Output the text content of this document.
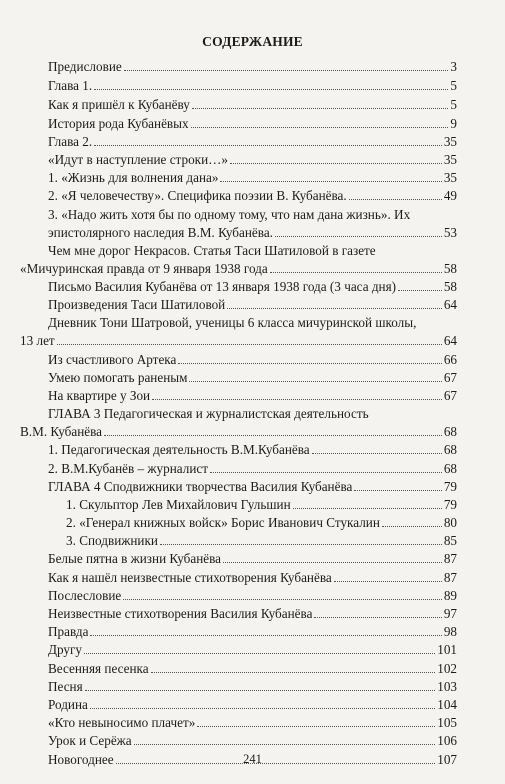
СОДЕРЖАНИЕ
Предисловие	3
Глава 1.	5
Как я пришёл к Кубанёву	5
История рода Кубанёвых	9
Глава 2.	35
«Идут в наступление строки…»	35
1. «Жизнь для волнения дана»	35
2. «Я человечеству». Специфика поэзии В. Кубанёва.	49
3. «Надо жить хотя бы по одному тому, что нам дана жизнь». Их
эпистолярного наследия В.М. Кубанёва.	53
Чем мне дорог Некрасов. Статья Таси Шатиловой в газете
«Мичуринская правда от 9 января 1938 года	58
Письмо Василия Кубанёва от 13 января 1938 года (3 часа дня)	58
Произведения Таси Шатиловой	64
Дневник Тони Шатровой, ученицы 6 класса мичуринской школы,
13 лет	64
Из счастливого Артека	66
Умею помогать раненым	67
На квартире у Зои	67
ГЛАВА 3 Педагогическая и журналистская деятельность
В.М. Кубанёва	68
1. Педагогическая деятельность В.М.Кубанёва	68
2. В.М.Кубанёв – журналист	68
ГЛАВА 4 Сподвижники творчества Василия Кубанёва	79
1. Скульптор Лев Михайлович Гульшин	79
2. «Генерал книжных войск» Борис Иванович Стукалин	80
3. Сподвижники	85
Белые пятна в жизни Кубанёва	87
Как я нашёл неизвестные стихотворения Кубанёва	87
Послесловие	89
Неизвестные стихотворения Василия Кубанёва	97
Правда	98
Другу	101
Весенняя песенка	102
Песня	103
Родина	104
«Кто невыносимо плачет»	105
Урок и Серёжа	106
Новогоднее	107
241
